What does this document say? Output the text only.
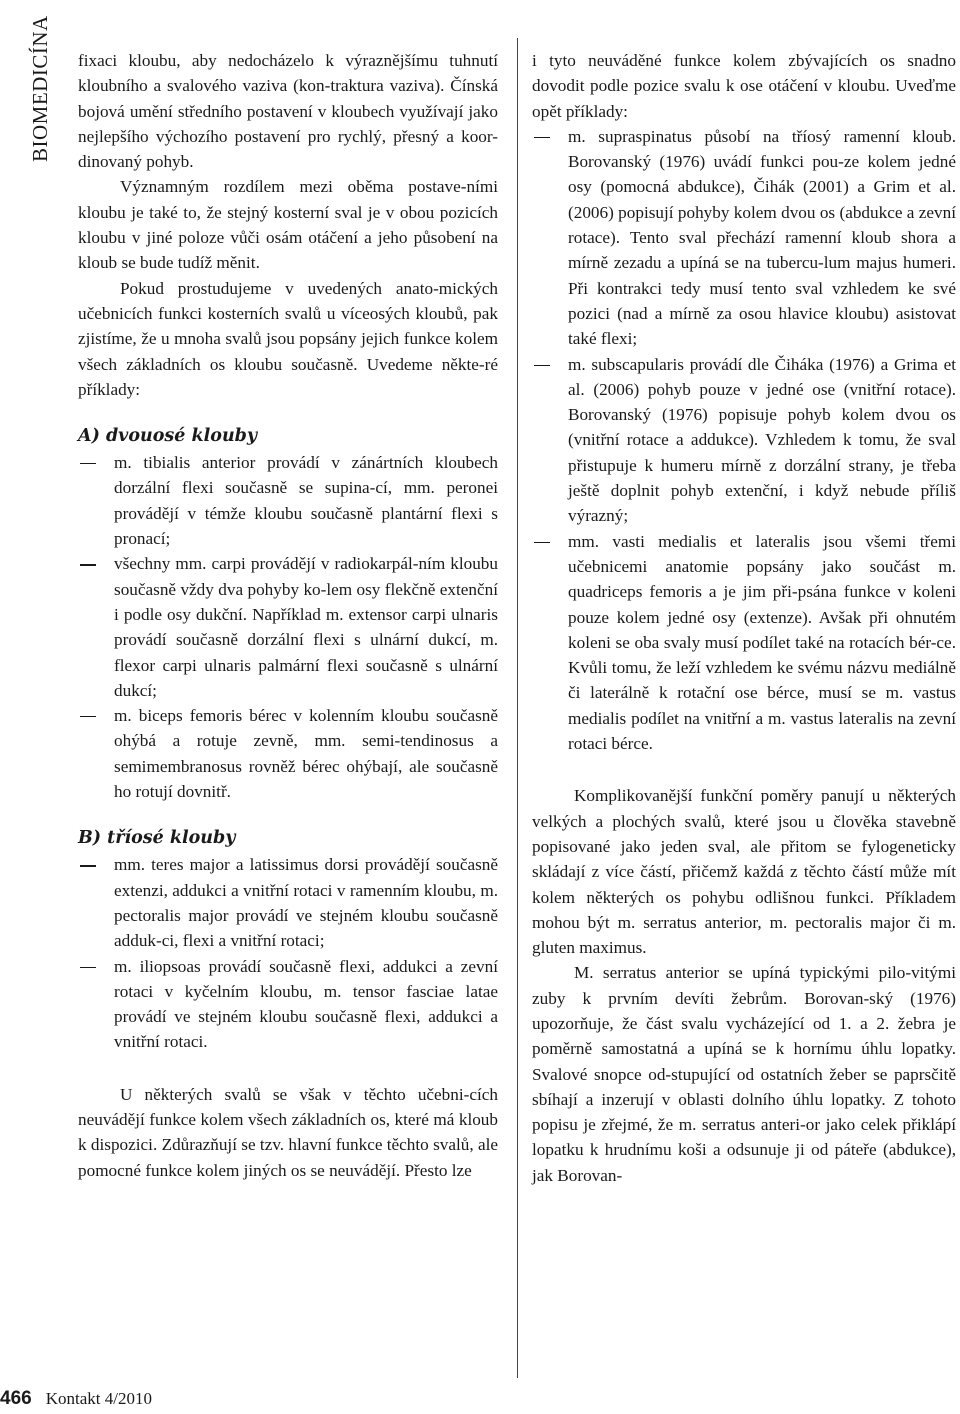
BIOMEDICÍNA fixaci kloubu, aby nedocházelo k výraznějšímu tuhnutí kloubního a svalového vaziva (kon-traktura vaziva). Čínská bojová umění středního postavení v kloubech využívají jako nejlepšího výchozího postavení pro rychlý, přesný a koor-dinovaný pohyb.

Významným rozdílem mezi oběma postave-ními kloubu je také to, že stejný kosterní sval je v obou pozicích kloubu v jiné poloze vůči osám otáčení a jeho působení na kloub se bude tudíž měnit.

Pokud prostudujeme v uvedených anato-mických učebnicích funkci kosterních svalů u víceosých kloubů, pak zjistíme, že u mnoha svalů jsou popsány jejich funkce kolem všech základních os kloubu současně. Uvedeme někte-ré příklady:

A) dvouosé klouby
m. tibialis anterior provádí v zánártních kloubech dorzální flexi současně se supina-cí, mm. peronei provádějí v témže kloubu současně plantární flexi s pronací;
všechny mm. carpi provádějí v radiokarpál-ním kloubu současně vždy dva pohyby ko-lem osy flekčně extenční i podle osy dukční. Například m. extensor carpi ulnaris provádí současně dorzální flexi s ulnární dukcí, m. flexor carpi ulnaris palmární flexi současně s ulnární dukcí;
m. biceps femoris bérec v kolenním kloubu současně ohýbá a rotuje zevně, mm. semi-tendinosus a semimembranosus rovněž bérec ohýbají, ale současně ho rotují dovnitř.
B) tříosé klouby
mm. teres major a latissimus dorsi provádějí současně extenzi, addukci a vnitřní rotaci v ramenním kloubu, m. pectoralis major provádí ve stejném kloubu současně adduk-ci, flexi a vnitřní rotaci;
m. iliopsoas provádí současně flexi, addukci a zevní rotaci v kyčelním kloubu, m. tensor fasciae latae provádí ve stejném kloubu současně flexi, addukci a vnitřní rotaci.

U některých svalů se však v těchto učebni-cích neuvádějí funkce kolem všech základních os, které má kloub k dispozici. Zdůrazňují se tzv. hlavní funkce těchto svalů, ale pomocné funkce kolem jiných os se neuvádějí. Přesto lze

i tyto neuváděné funkce kolem zbývajících os snadno dovodit podle pozice svalu k ose otáčení v kloubu. Uveďme opět příklady:

m. supraspinatus působí na tříosý ramenní kloub. Borovanský (1976) uvádí funkci pou-ze kolem jedné osy (pomocná abdukce), Čihák (2001) a Grim et al. (2006) popisují pohyby kolem dvou os (abdukce a zevní rotace). Tento sval přechází ramenní kloub shora a mírně zezadu a upíná se na tubercu-lum majus humeri. Při kontrakci tedy musí tento sval vzhledem ke své pozici (nad a mírně za osou hlavice kloubu) asistovat také flexi;
m. subscapularis provádí dle Čiháka (1976) a Grima et al. (2006) pohyb pouze v jedné ose (vnitřní rotace). Borovanský (1976) popisuje pohyb kolem dvou os (vnitřní rotace a addukce). Vzhledem k tomu, že sval přistupuje k humeru mírně z dorzální strany, je třeba ještě doplnit pohyb extenční, i když nebude příliš výrazný;
mm. vasti medialis et lateralis jsou všemi třemi učebnicemi anatomie popsány jako součást m. quadriceps femoris a je jim při-psána funkce v koleni pouze kolem jedné osy (extenze). Avšak při ohnutém koleni se oba svaly musí podílet také na rotacích bér-ce. Kvůli tomu, že leží vzhledem ke svému názvu mediálně či laterálně k rotační ose bérce, musí se m. vastus medialis podílet na vnitřní a m. vastus lateralis na zevní rotaci bérce.

Komplikovanější funkční poměry panují u některých velkých a plochých svalů, které jsou u člověka stavebně popisované jako jeden sval, ale přitom se fylogeneticky skládají z více částí, přičemž každá z těchto částí může mít kolem některých os pohybu odlišnou funkci. Příkladem mohou být m. serratus anterior, m. pectoralis major či m. gluten maximus.

M. serratus anterior se upíná typickými pilo-vitými zuby k prvním devíti žebrům. Borovan-ský (1976) upozorňuje, že část svalu vycházející od 1. a 2. žebra je poměrně samostatná a upíná se k hornímu úhlu lopatky. Svalové snopce od-stupující od ostatních žeber se paprsčitě sbíhají a inzerují v oblasti dolního úhlu lopatky. Z tohoto popisu je zřejmé, že m. serratus anteri-or jako celek přiklápí lopatku k hrudnímu koši a odsunuje ji od páteře (abdukce), jak Borovan-

466 Kontakt 4/2010
